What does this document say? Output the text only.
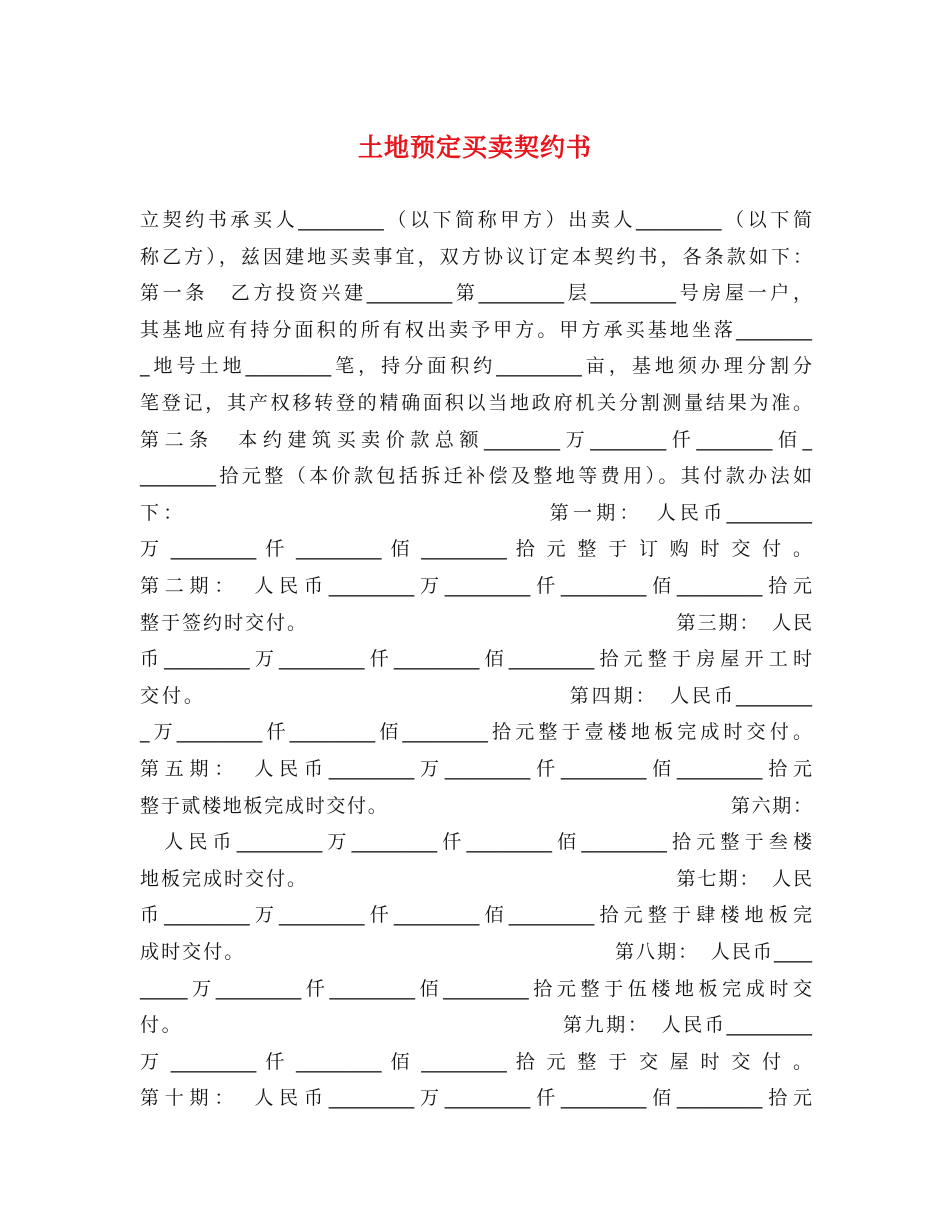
土地预定买卖契约书
立契约书承买人_________（以下简称甲方）出卖人_________（以下简
称乙方），兹因建地买卖事宜，双方协议订定本契约书，各条款如下：
第一条　乙方投资兴建_________第_________层_________号房屋一户，
其基地应有持分面积的所有权出卖予甲方。甲方承买基地坐落________
_地号土地_________笔，持分面积约_________亩，基地须办理分割分
笔登记，其产权移转登的精确面积以当地政府机关分割测量结果为准。
第二条　本约建筑买卖价款总额________万________仟________佰_
________拾元整（本价款包括拆迁补偿及整地等费用）。其付款办法如
下：　　　　　　　　　　　　　　　　第一期：　人民币_________
万 _________ 仟 _________ 佰 _________ 拾 元 整 于 订 购 时 交 付 。
第二期：　人民币_________万_________仟_________佰_________拾元
整于签约时交付。　　　　　　　　　　　　　　　　　　第三期：　人民
币_________万_________仟_________佰_________拾元整于房屋开工时
交付。　　　　　　　　　　　　　　　　　第四期：　人民币________
_万_________仟_________佰_________拾元整于壹楼地板完成时交付。
第五期：　人民币_________万_________仟_________佰_________拾元
整于贰楼地板完成时交付。　　　　　　　　　　　　　　　　　第六期：
　人民币_________万_________仟_________佰_________拾元整于叁楼
地板完成时交付。　　　　　　　　　　　　　　　　　　第七期：　人民
币_________万_________仟_________佰_________拾元整于肆楼地板完
成时交付。　　　　　　　　　　　　　　　　　　第八期：　人民币____
_____万_________仟_________佰_________拾元整于伍楼地板完成时交
付。　　　　　　　　　　　　　　　　　　第九期：　人民币_________
万 _________ 仟 _________ 佰 _________ 拾 元 整 于 交 屋 时 交 付 。
第十期：　人民币_________万_________仟_________佰_________拾元
